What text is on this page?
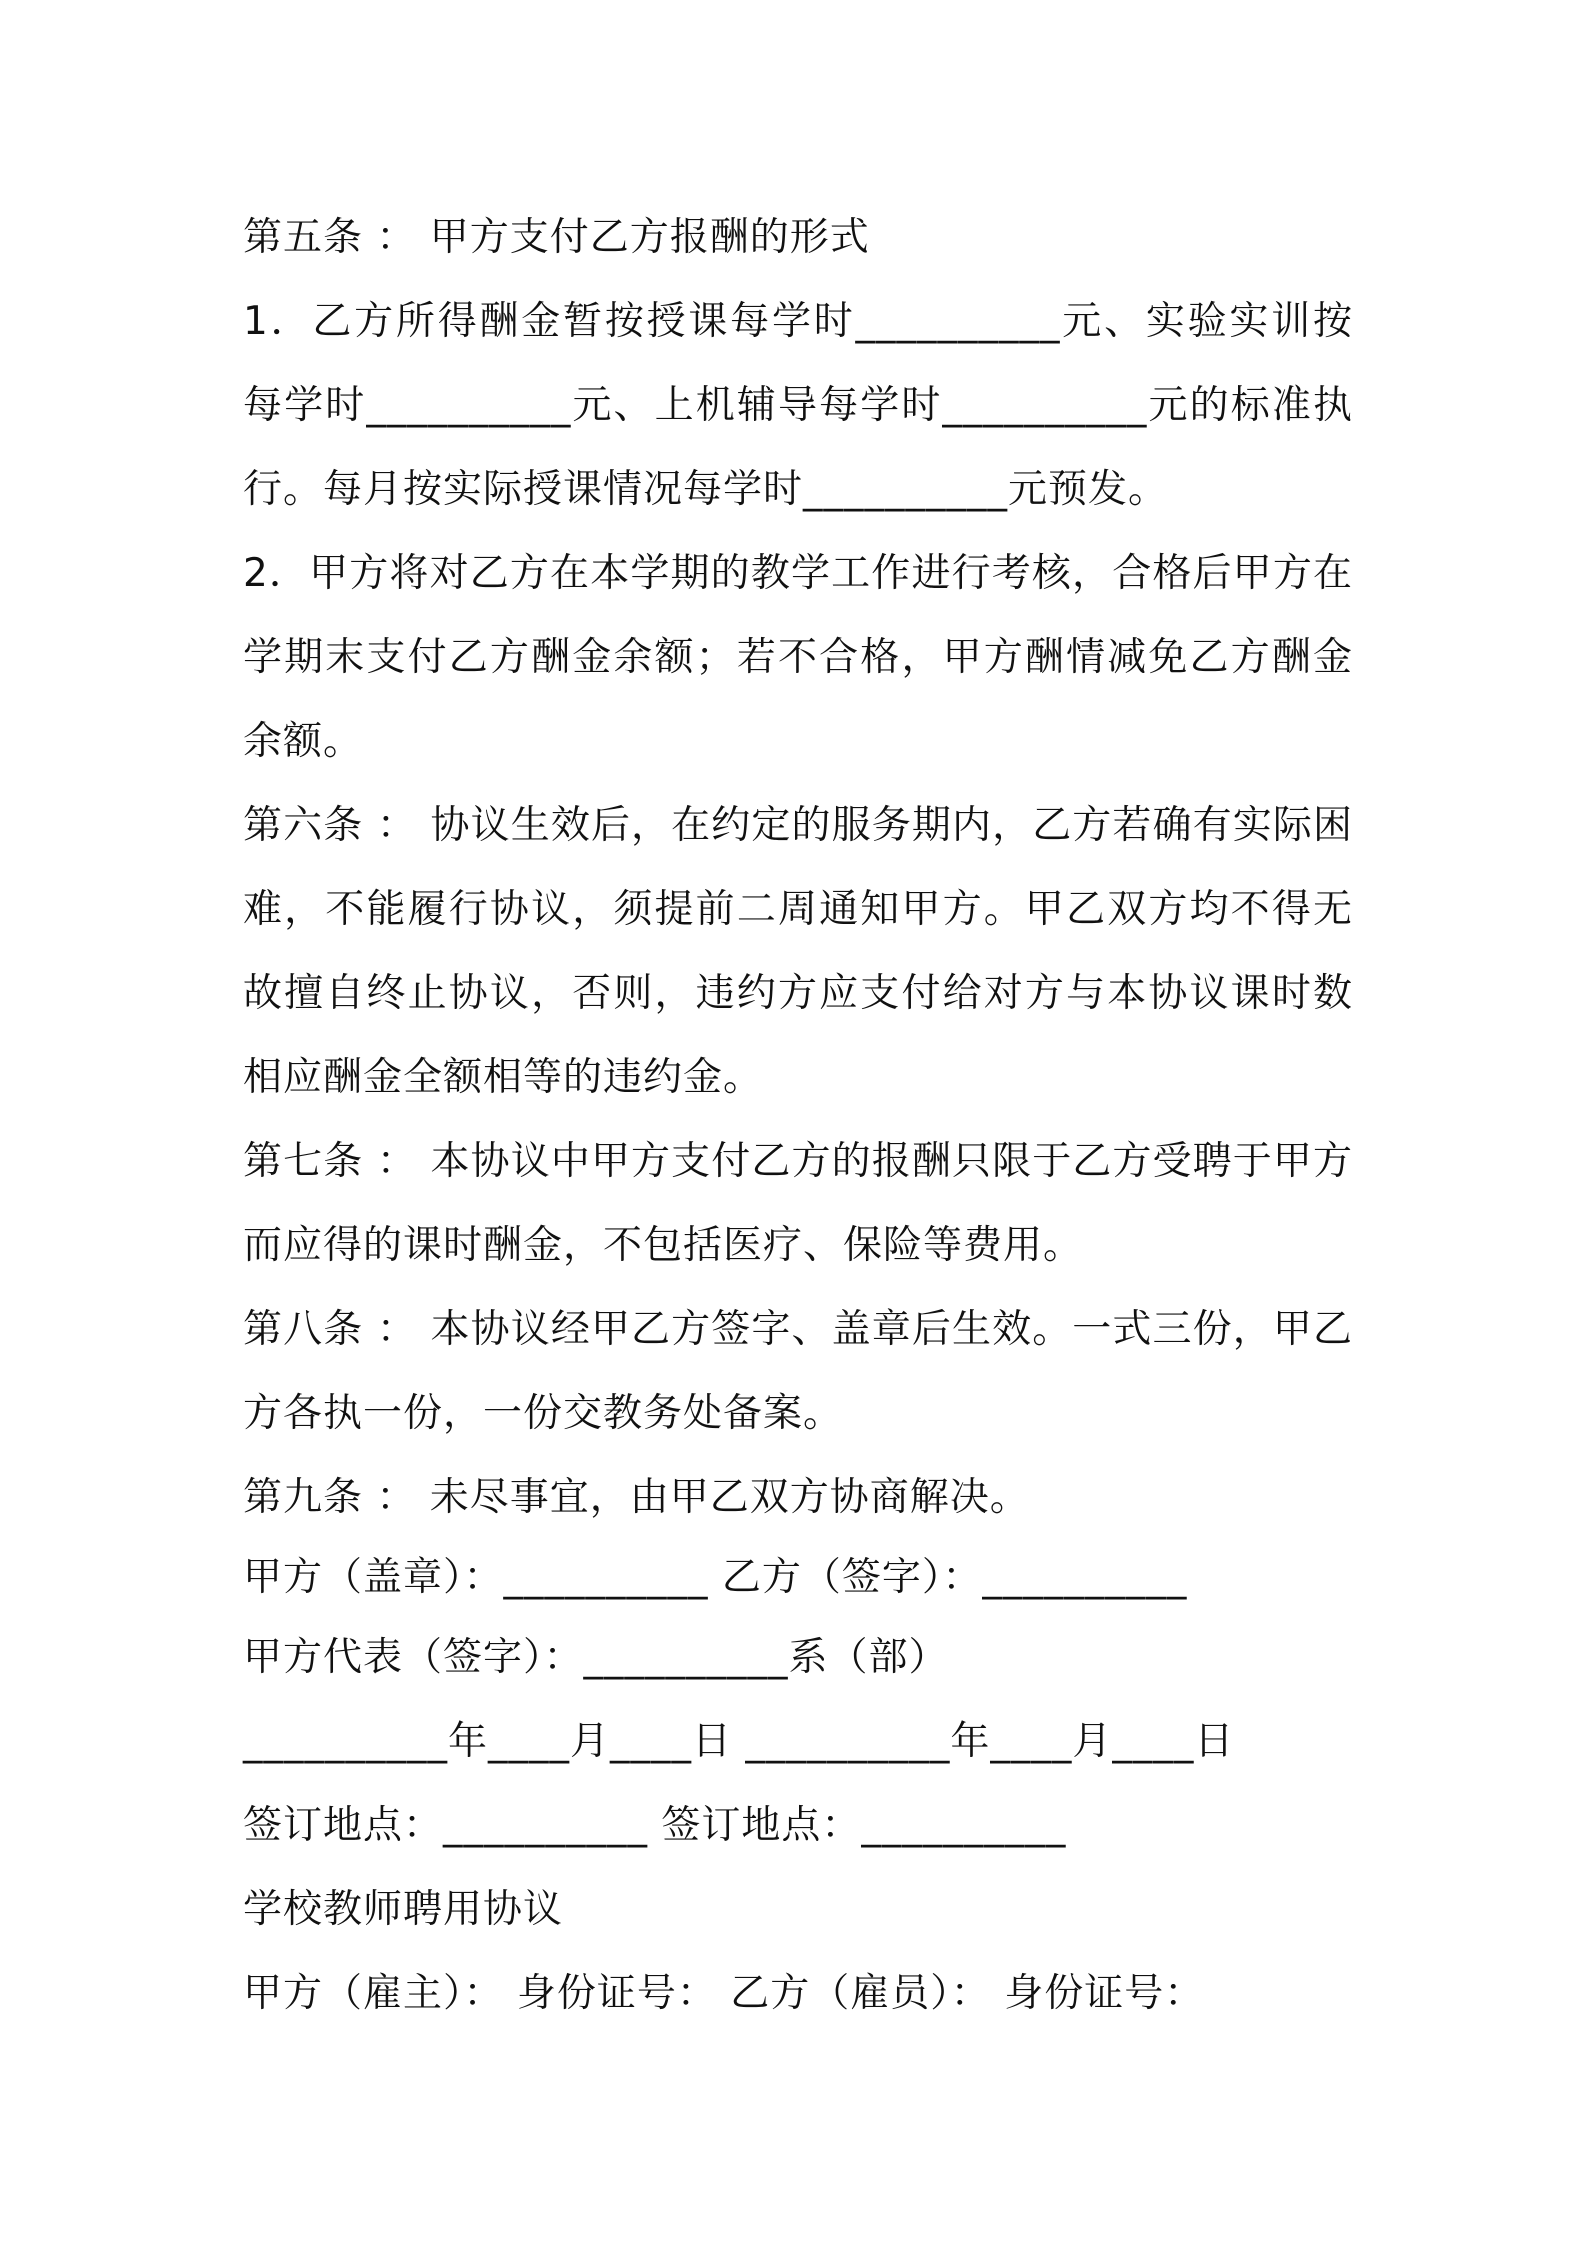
第五条 ： 甲方支付乙方报酬的形式

1．乙方所得酬金暂按授课每学时__________元、实验实训按每学时__________元、上机辅导每学时__________元的标准执行。每月按实际授课情况每学时__________元预发。

2．甲方将对乙方在本学期的教学工作进行考核，合格后甲方在学期末支付乙方酬金余额；若不合格，甲方酬情减免乙方酬金余额。

第六条 ： 协议生效后，在约定的服务期内，乙方若确有实际困难，不能履行协议，须提前二周通知甲方。甲乙双方均不得无故擅自终止协议，否则，违约方应支付给对方与本协议课时数相应酬金全额相等的违约金。

第七条 ： 本协议中甲方支付乙方的报酬只限于乙方受聘于甲方而应得的课时酬金，不包括医疗、保险等费用。

第八条 ： 本协议经甲乙方签字、盖章后生效。一式三份，甲乙方各执一份，一份交教务处备案。

第九条 ： 未尽事宜，由甲乙双方协商解决。

甲方（盖章）：__________ 乙方（签字）：__________

甲方代表（签字）：__________系（部）

__________年____月____日 __________年____月____日

签订地点：__________ 签订地点：__________

学校教师聘用协议

甲方（雇主）： 身份证号： 乙方（雇员）： 身份证号：
